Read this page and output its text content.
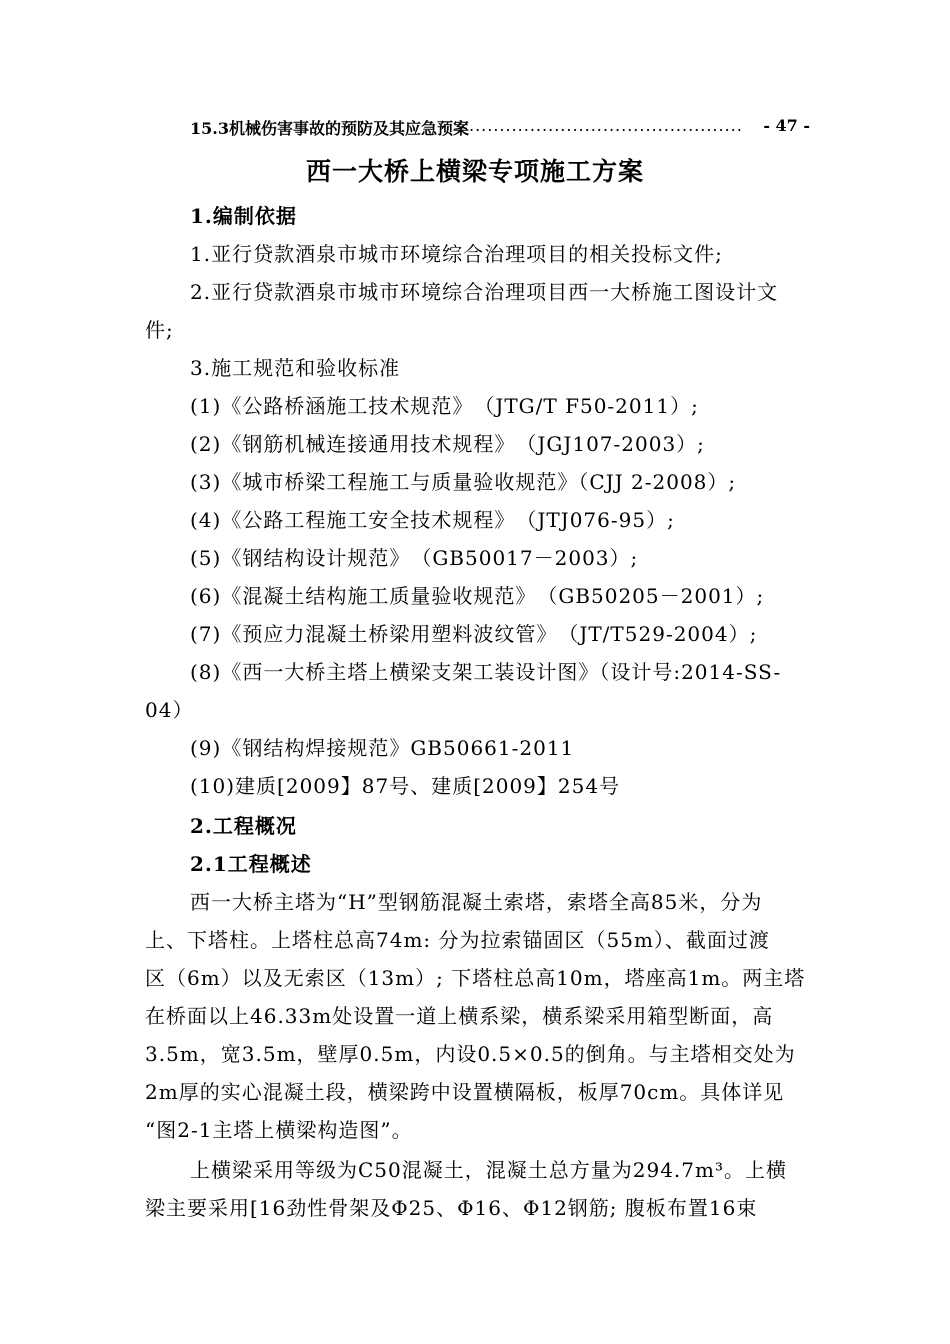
15.3机械伤害事故的预防及其应急预案 .............................................	- 47 -
西一大桥上横梁专项施工方案
1.编制依据
1.亚行贷款酒泉市城市环境综合治理项目的相关投标文件;
2.亚行贷款酒泉市城市环境综合治理项目西一大桥施工图设计文
件;
3.施工规范和验收标准
(1)《公路桥涵施工技术规范》　（JTG/T F50-2011）;
(2)《钢筋机械连接通用技术规程》　（JGJ107-2003）;
(3)《城市桥梁工程施工与质量验收规范》（CJJ 2-2008）;
(4)《公路工程施工安全技术规程》　（JTJ076-95）;
(5)《钢结构设计规范》　（GB50017－2003）;
(6)《混凝土结构施工质量验收规范》　（GB50205－2001）;
(7)《预应力混凝土桥梁用塑料波纹管》　（JT/T529-2004）;
(8)《西一大桥主塔上横梁支架工装设计图》（设计号:2014-SS-
04）
(9)《钢结构焊接规范》GB50661-2011
(10)建质[2009】87号、建质[2009】254号
2.工程概况
2.1工程概述
西一大桥主塔为“H”型钢筋混凝土索塔，索塔全高85米，分为
上、下塔柱。上塔柱总高74m: 分为拉索锚固区（55m）、截面过渡
区（6m）以及无索区（13m）; 下塔柱总高10m，塔座高1m。两主塔
在桥面以上46.33m处设置一道上横系梁，横系梁采用箱型断面，高
3.5m，宽3.5m，壁厚0.5m，内设0.5×0.5的倒角。与主塔相交处为
2m厚的实心混凝土段，横梁跨中设置横隔板，板厚70cm。具体详见
“图2-1主塔上横梁构造图”。
上横梁采用等级为C50混凝土，混凝土总方量为294.7m³。上横
梁主要采用[16劲性骨架及Φ25、Φ16、Φ12钢筋; 腹板布置16束
